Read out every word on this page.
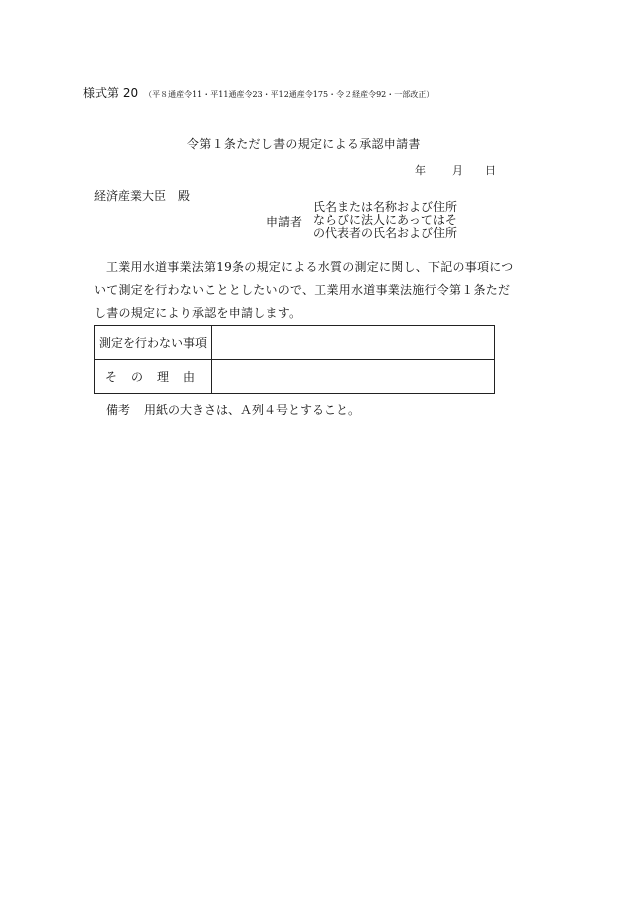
様式第 20 （平８通産令11・平11通産令23・平12通産令175・令２経産令92・一部改正）
令第１条ただし書の規定による承認申請書
年 月 日
経済産業大臣　殿
申請者
氏名または名称および住所
ならびに法人にあってはそ
の代表者の氏名および住所
工業用水道事業法第19条の規定による水質の測定に関し、下記の事項について測定を行わないこととしたいので、工業用水道事業法施行令第１条ただし書の規定により承認を申請します。
測定を行わない事項	
その理由	
備考 用紙の大きさは、Ａ列４号とすること。
